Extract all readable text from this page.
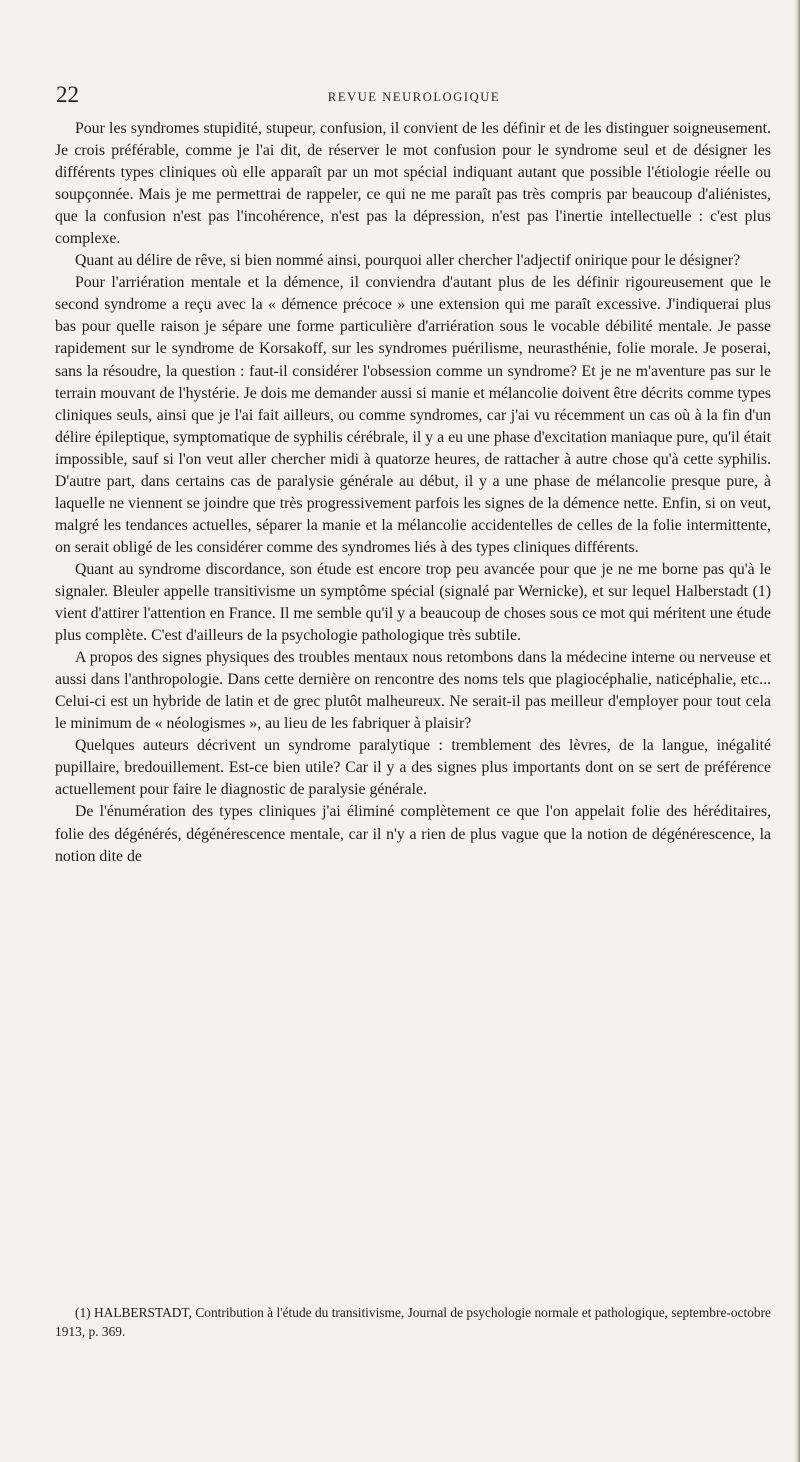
22	REVUE NEUROLOGIQUE

Pour les syndromes stupidité, stupeur, confusion, il convient de les définir et de les distinguer soigneusement. Je crois préférable, comme je l'ai dit, de réserver le mot confusion pour le syndrome seul et de désigner les différents types cliniques où elle apparaît par un mot spécial indiquant autant que possible l'étiologie réelle ou soupçonnée. Mais je me permettrai de rappeler, ce qui ne me paraît pas très compris par beaucoup d'aliénistes, que la confusion n'est pas l'incohérence, n'est pas la dépression, n'est pas l'inertie intellectuelle : c'est plus complexe.

Quant au délire de rêve, si bien nommé ainsi, pourquoi aller chercher l'adjectif onirique pour le désigner?

Pour l'arriération mentale et la démence, il conviendra d'autant plus de les définir rigoureusement que le second syndrome a reçu avec la « démence précoce » une extension qui me paraît excessive. J'indiquerai plus bas pour quelle raison je sépare une forme particulière d'arriération sous le vocable débilité mentale. Je passe rapidement sur le syndrome de Korsakoff, sur les syndromes puérilisme, neurasthénie, folie morale. Je poserai, sans la résoudre, la question : faut-il considérer l'obsession comme un syndrome? Et je ne m'aventure pas sur le terrain mouvant de l'hystérie. Je dois me demander aussi si manie et mélancolie doivent être décrits comme types cliniques seuls, ainsi que je l'ai fait ailleurs, ou comme syndromes, car j'ai vu récemment un cas où à la fin d'un délire épileptique, symptomatique de syphilis cérébrale, il y a eu une phase d'excitation maniaque pure, qu'il était impossible, sauf si l'on veut aller chercher midi à quatorze heures, de rattacher à autre chose qu'à cette syphilis. D'autre part, dans certains cas de paralysie générale au début, il y a une phase de mélancolie presque pure, à laquelle ne viennent se joindre que très progressivement parfois les signes de la démence nette. Enfin, si on veut, malgré les tendances actuelles, séparer la manie et la mélancolie accidentelles de celles de la folie intermittente, on serait obligé de les considérer comme des syndromes liés à des types cliniques différents.

Quant au syndrome discordance, son étude est encore trop peu avancée pour que je ne me borne pas qu'à le signaler. Bleuler appelle transitivisme un symptôme spécial (signalé par Wernicke), et sur lequel Halberstadt (1) vient d'attirer l'attention en France. Il me semble qu'il y a beaucoup de choses sous ce mot qui méritent une étude plus complète. C'est d'ailleurs de la psychologie pathologique très subtile.

A propos des signes physiques des troubles mentaux nous retombons dans la médecine interne ou nerveuse et aussi dans l'anthropologie. Dans cette dernière on rencontre des noms tels que plagiocéphalie, naticéphalie, etc... Celui-ci est un hybride de latin et de grec plutôt malheureux. Ne serait-il pas meilleur d'employer pour tout cela le minimum de « néologismes », au lieu de les fabriquer à plaisir?

Quelques auteurs décrivent un syndrome paralytique : tremblement des lèvres, de la langue, inégalité pupillaire, bredouillement. Est-ce bien utile? Car il y a des signes plus importants dont on se sert de préférence actuellement pour faire le diagnostic de paralysie générale.

De l'énumération des types cliniques j'ai éliminé complètement ce que l'on appelait folie des héréditaires, folie des dégénérés, dégénérescence mentale, car il n'y a rien de plus vague que la notion de dégénérescence, la notion dite de

(1) HALBERSTADT, Contribution à l'étude du transitivisme, Journal de psychologie normale et pathologique, septembre-octobre 1913, p. 369.
